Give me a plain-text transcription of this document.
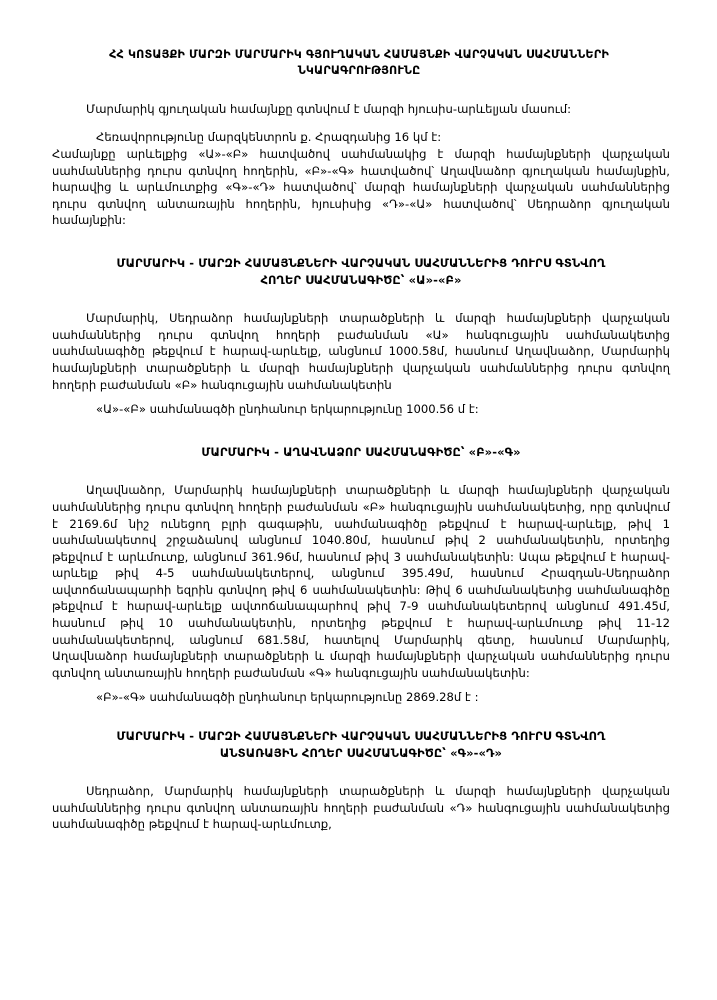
ՀՀ ԿՈՏԱՅՔԻ ՄԱՐԶԻ ՄԱՐՄԱՐԻԿ ԳՅՈՒՂԱԿԱՆ ՀԱՄԱՅՆՔԻ ՎԱՐՉԱԿԱՆ ՍԱՀՄԱՆՆԵՐԻ
ՆԿԱՐԱԳՐՈՒԹՅՈՒՆԸ

Մարմարիկ գյուղական համայնքը գտնվում է մարզի հյուսիս-արևելյան մասում:

Հեռավորությունը մարզկենտրոն ք. Հրազդանից 16 կմ է:

Համայնքը արևելքից «Ա»-«Բ» հատվածով սահմանակից է մարզի համայնքների վարչական սահմաններից դուրս գտնվող հողերին, «Բ»-«Գ» հատվածով՝ Աղավնաձոր գյուղական համայնքին, հարավից և արևմուտքից «Գ»-«Դ» հատվածով՝ մարզի համայնքների վարչական սահմաններից դուրս գտնվող անտառային հողերին, հյուսիսից «Դ»-«Ա» հատվածով՝ Սեդրաձոր գյուղական համայնքին:

ՄԱՐՄԱՐԻԿ - ՄԱՐԶԻ ՀԱՄԱՅՆՔՆԵՐԻ ՎԱՐՉԱԿԱՆ ՍԱՀՄԱՆՆԵՐԻՑ ԴՈՒՐՍ ԳՏՆՎՈՂ
ՀՈՂԵՐ ՍԱՀՄԱՆԱԳԻԾԸ՝ «Ա»-«Բ»

Մարմարիկ, Սեդրաձոր համայնքների տարածքների և մարզի համայնքների վարչական սահմաններից դուրս գտնվող հողերի բաժանման «Ա» հանգուցային սահմանակետից սահմանագիծը թեքվում է հարավ-արևելք, անցնում 1000.58մ, հասնում Աղավնաձոր, Մարմարիկ համայնքների տարածքների և մարզի համայնքների վարչական սահմաններից դուրս գտնվող հողերի բաժանման «Բ» հանգուցային սահմանակետին

«Ա»-«Բ» սահմանագծի ընդհանուր երկարությունը 1000.56 մ է:

ՄԱՐՄԱՐԻԿ - ԱՂԱՎՆԱՁՈՐ ՍԱՀՄԱՆԱԳԻԾԸ՝ «Բ»-«Գ»

Աղավնաձոր, Մարմարիկ համայնքների տարածքների և մարզի համայնքների վարչական սահմաններից դուրս գտնվող հողերի բաժանման «Բ» հանգուցային սահմանակետից, որը գտնվում է 2169.6մ նիշ ունեցող բլրի գագաթին, սահմանագիծը թեքվում է հարավ-արևելք, թիվ 1 սահմանակետով շրջաձանով անցնում 1040.80մ, հասնում թիվ 2 սահմանակետին, որտեղից թեքվում է արևմուտք, անցնում 361.96մ, հասնում թիվ 3 սահմանակետին: Ապա թեքվում է հարավ-արևելք թիվ 4-5 սահմանակետերով, անցնում 395.49մ, հասնում Հրազդան-Սեդրաձոր ավտոճանապարհի եզրին գտնվող թիվ 6 սահմանակետին: Թիվ 6 սահմանակետից սահմանագիծը թեքվում է հարավ-արևելք ավտոճանապարհով թիվ 7-9 սահմանակետերով անցնում 491.45մ, հասնում թիվ 10 սահմանակետին, որտեղից թեքվում է հարավ-արևմուտք թիվ 11-12 սահմանակետերով, անցնում 681.58մ, հատելով Մարմարիկ գետը, հասնում Մարմարիկ, Աղավնաձոր համայնքների տարածքների և մարզի համայնքների վարչական սահմաններից դուրս գտնվող անտառային հողերի բաժանման «Գ» հանգուցային սահմանակետին:

«Բ»-«Գ» սահմանագծի ընդհանուր երկարությունը 2869.28մ է :

ՄԱՐՄԱՐԻԿ - ՄԱՐԶԻ ՀԱՄԱՅՆՔՆԵՐԻ ՎԱՐՉԱԿԱՆ ՍԱՀՄԱՆՆԵՐԻՑ ԴՈՒՐՍ ԳՏՆՎՈՂ
ԱՆՏԱՌԱՅԻՆ ՀՈՂԵՐ ՍԱՀՄԱՆԱԳԻԾԸ՝ «Գ»-«Դ»

Սեդրաձոր, Մարմարիկ համայնքների տարածքների և մարզի համայնքների վարչական սահմաններից դուրս գտնվող անտառային հողերի բաժանման «Դ» հանգուցային սահմանակետից սահմանագիծը թեքվում է հարավ-արևմուտք,
